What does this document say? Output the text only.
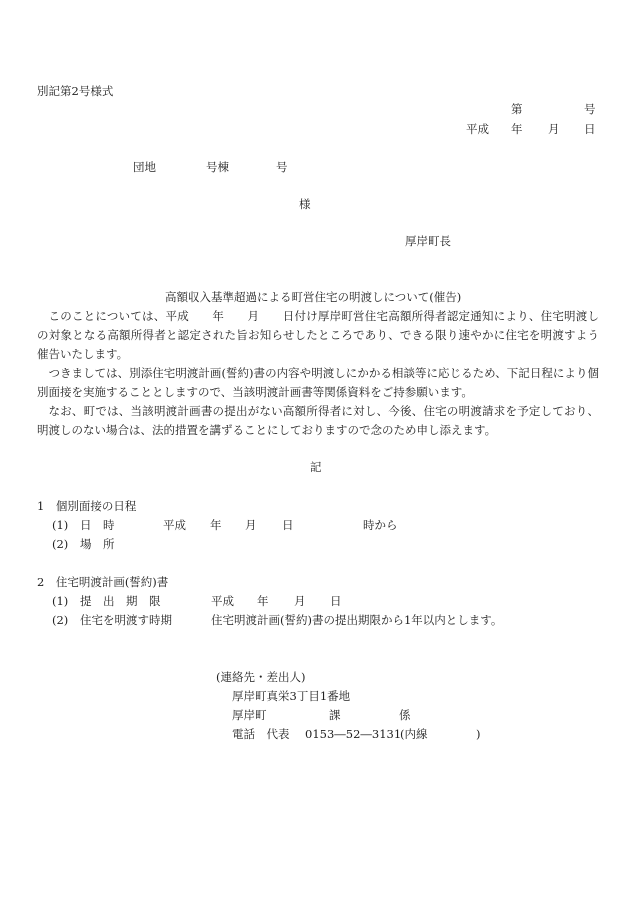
別記第2号様式
第	号
平成 年 月 日
団地	号棟	号
様
厚岸町長
高額収入基準超過による町営住宅の明渡しについて(催告)
このことについては、平成　　年　　月　　日付け厚岸町営住宅高額所得者認定通知により、住宅明渡しの対象となる高額所得者と認定された旨お知らせしたところであり、できる限り速やかに住宅を明渡すよう催告いたします。
つきましては、別添住宅明渡計画(誓約)書の内容や明渡しにかかる相談等に応じるため、下記日程により個別面接を実施することとしますので、当該明渡計画書等関係資料をご持参願います。
なお、町では、当該明渡計画書の提出がない高額所得者に対し、今後、住宅の明渡請求を予定しており、明渡しのない場合は、法的措置を講ずることにしておりますので念のため申し添えます。
記
1　個別面接の日程
(1) 日　時	平成 年 月 日	時から
(2) 場　所
2　住宅明渡計画(誓約)書
(1) 提　出　期　限	平成 年 月 日
(2) 住宅を明渡す時期	住宅明渡計画(誓約)書の提出期限から1年以内とします。
(連絡先・差出人)
厚岸町真栄3丁目1番地
厚岸町	課	係
電話　代表 0153―52―3131
(内線	)
